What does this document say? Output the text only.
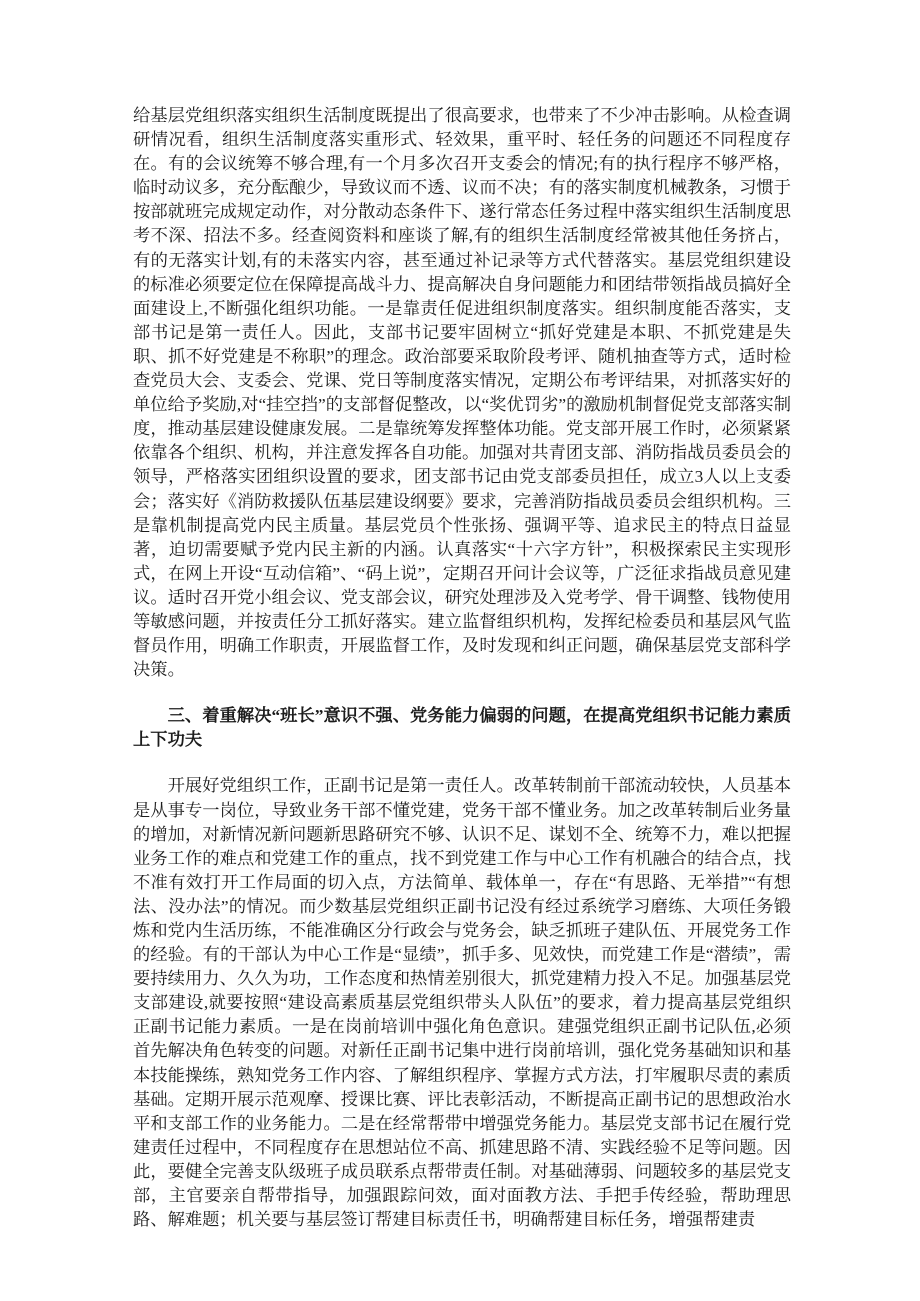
给基层党组织落实组织生活制度既提出了很高要求，也带来了不少冲击影响。从检查调研情况看，组织生活制度落实重形式、轻效果，重平时、轻任务的问题还不同程度存在。有的会议统筹不够合理,有一个月多次召开支委会的情况;有的执行程序不够严格，临时动议多，充分酝酿少，导致议而不透、议而不决；有的落实制度机械教条，习惯于按部就班完成规定动作，对分散动态条件下、遂行常态任务过程中落实组织生活制度思考不深、招法不多。经查阅资料和座谈了解,有的组织生活制度经常被其他任务挤占，有的无落实计划,有的未落实内容，甚至通过补记录等方式代替落实。基层党组织建设的标准必须要定位在保障提高战斗力、提高解决自身问题能力和团结带领指战员搞好全面建设上,不断强化组织功能。一是靠责任促进组织制度落实。组织制度能否落实，支部书记是第一责任人。因此，支部书记要牢固树立“抓好党建是本职、不抓党建是失职、抓不好党建是不称职”的理念。政治部要采取阶段考评、随机抽查等方式，适时检查党员大会、支委会、党课、党日等制度落实情况，定期公布考评结果，对抓落实好的单位给予奖励,对“挂空挡”的支部督促整改，以“奖优罚劣”的激励机制督促党支部落实制度，推动基层建设健康发展。二是靠统筹发挥整体功能。党支部开展工作时，必须紧紧依靠各个组织、机构，并注意发挥各自功能。加强对共青团支部、消防指战员委员会的领导，严格落实团组织设置的要求，团支部书记由党支部委员担任，成立3人以上支委会；落实好《消防救援队伍基层建设纲要》要求，完善消防指战员委员会组织机构。三是靠机制提高党内民主质量。基层党员个性张扬、强调平等、追求民主的特点日益显著，迫切需要赋予党内民主新的内涵。认真落实“十六字方针”，积极探索民主实现形式，在网上开设“互动信箱”、“码上说”，定期召开问计会议等，广泛征求指战员意见建议。适时召开党小组会议、党支部会议，研究处理涉及入党考学、骨干调整、钱物使用等敏感问题，并按责任分工抓好落实。建立监督组织机构，发挥纪检委员和基层风气监督员作用，明确工作职责，开展监督工作，及时发现和纠正问题，确保基层党支部科学决策。

三、着重解决“班长”意识不强、党务能力偏弱的问题，在提高党组织书记能力素质上下功夫

开展好党组织工作，正副书记是第一责任人。改革转制前干部流动较快，人员基本是从事专一岗位，导致业务干部不懂党建，党务干部不懂业务。加之改革转制后业务量的增加，对新情况新问题新思路研究不够、认识不足、谋划不全、统筹不力，难以把握业务工作的难点和党建工作的重点，找不到党建工作与中心工作有机融合的结合点，找不准有效打开工作局面的切入点，方法简单、载体单一，存在“有思路、无举措”“有想法、没办法”的情况。而少数基层党组织正副书记没有经过系统学习磨练、大项任务锻炼和党内生活历练，不能准确区分行政会与党务会，缺乏抓班子建队伍、开展党务工作的经验。有的干部认为中心工作是“显绩”，抓手多、见效快，而党建工作是“潜绩”，需要持续用力、久久为功，工作态度和热情差别很大，抓党建精力投入不足。加强基层党支部建设,就要按照“建设高素质基层党组织带头人队伍”的要求，着力提高基层党组织正副书记能力素质。一是在岗前培训中强化角色意识。建强党组织正副书记队伍,必须首先解决角色转变的问题。对新任正副书记集中进行岗前培训，强化党务基础知识和基本技能操练，熟知党务工作内容、了解组织程序、掌握方式方法，打牢履职尽责的素质基础。定期开展示范观摩、授课比赛、评比表彰活动，不断提高正副书记的思想政治水平和支部工作的业务能力。二是在经常帮带中增强党务能力。基层党支部书记在履行党建责任过程中，不同程度存在思想站位不高、抓建思路不清、实践经验不足等问题。因此，要健全完善支队级班子成员联系点帮带责任制。对基础薄弱、问题较多的基层党支部，主官要亲自帮带指导，加强跟踪问效，面对面教方法、手把手传经验，帮助理思路、解难题；机关要与基层签订帮建目标责任书，明确帮建目标任务，增强帮建责
